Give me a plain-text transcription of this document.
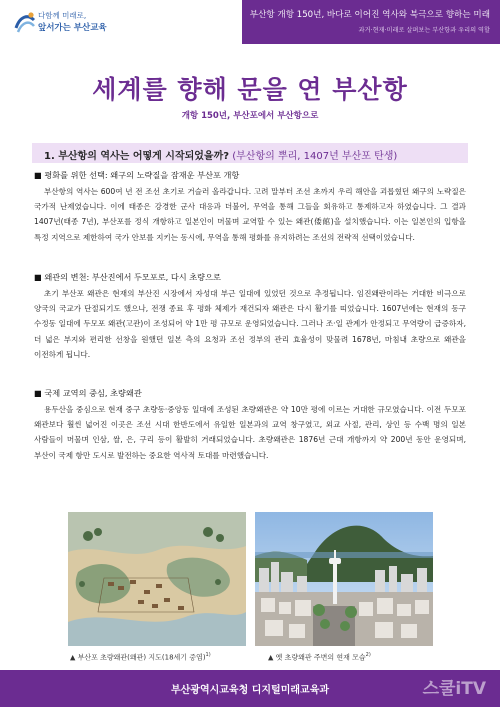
다함께 미래로,
앞서가는 부산교육
부산항 개항 150년, 바다로 이어진 역사와 북극으로 향하는 미래
과거·현재·미래로 살펴보는 부산항과 우리의 역할
세계를 향해 문을 연 부산항
개항 150년, 부산포에서 부산항으로
1. 부산항의 역사는 어떻게 시작되었을까? (부산항의 뿌리, 1407년 부산포 탄생)
■ 평화를 위한 선택: 왜구의 노략질을 잠재운 부산포 개항
부산항의 역사는 600여 년 전 조선 초기로 거슬러 올라갑니다. 고려 말부터 조선 초까지 우리 해안을 괴롭혔던 왜구의 노략질은 국가적 난제였습니다. 이에 태종은 강경한 군사 대응과 더불어, 무역을 통해 그들을 회유하고 통제하고자 하였습니다. 그 결과 1407년(태종 7년), 부산포를 정식 개항하고 일본인이 머물며 교역할 수 있는 왜관(倭館)을 설치했습니다. 이는 일본인의 입항을 특정 지역으로 제한하여 국가 안보를 지키는 동시에, 무역을 통해 평화를 유지하려는 조선의 전략적 선택이었습니다.
■ 왜관의 변천: 부산진에서 두모포로, 다시 초량으로
초기 부산포 왜관은 현재의 부산진 시장에서 자성대 부근 일대에 있었던 것으로 추정됩니다. 임진왜란이라는 거대한 비극으로 양국의 국교가 단절되기도 했으나, 전쟁 종료 후 평화 체제가 재건되자 왜관은 다시 활기를 띠었습니다. 1607년에는 현재의 동구 수정동 일대에 두모포 왜관(고관)이 조성되어 약 1만 평 규모로 운영되었습니다. 그러나 조·일 관계가 안정되고 무역량이 급증하자, 더 넓은 부지와 편리한 선창을 원했던 일본 측의 요청과 조선 정부의 관리 효율성이 맞물려 1678년, 마침내 초량으로 왜관을 이전하게 됩니다.
■ 국제 교역의 중심, 초량왜관
용두산을 중심으로 현재 중구 초량동·중앙동 일대에 조성된 초량왜관은 약 10만 평에 이르는 거대한 규모였습니다. 이전 두모포 왜관보다 훨씬 넓어진 이곳은 조선 시대 한반도에서 유일한 일본과의 교역 창구였고, 외교 사절, 관리, 상인 등 수백 명의 일본 사람들이 머물며 인삼, 쌀, 은, 구리 등이 활발히 거래되었습니다. 초량왜관은 1876년 근대 개항까지 약 200년 동안 운영되며, 부산이 국제 항만 도시로 발전하는 중요한 역사적 토대를 마련했습니다.
▲ 부산포 초량왜관(왜관) 지도(18세기 중엽)$^{1)}$	▲ 옛 초량왜관 주변의 현재 모습$^{2)}$
부산광역시교육청 디지털미래교육과	스쿨iTV
